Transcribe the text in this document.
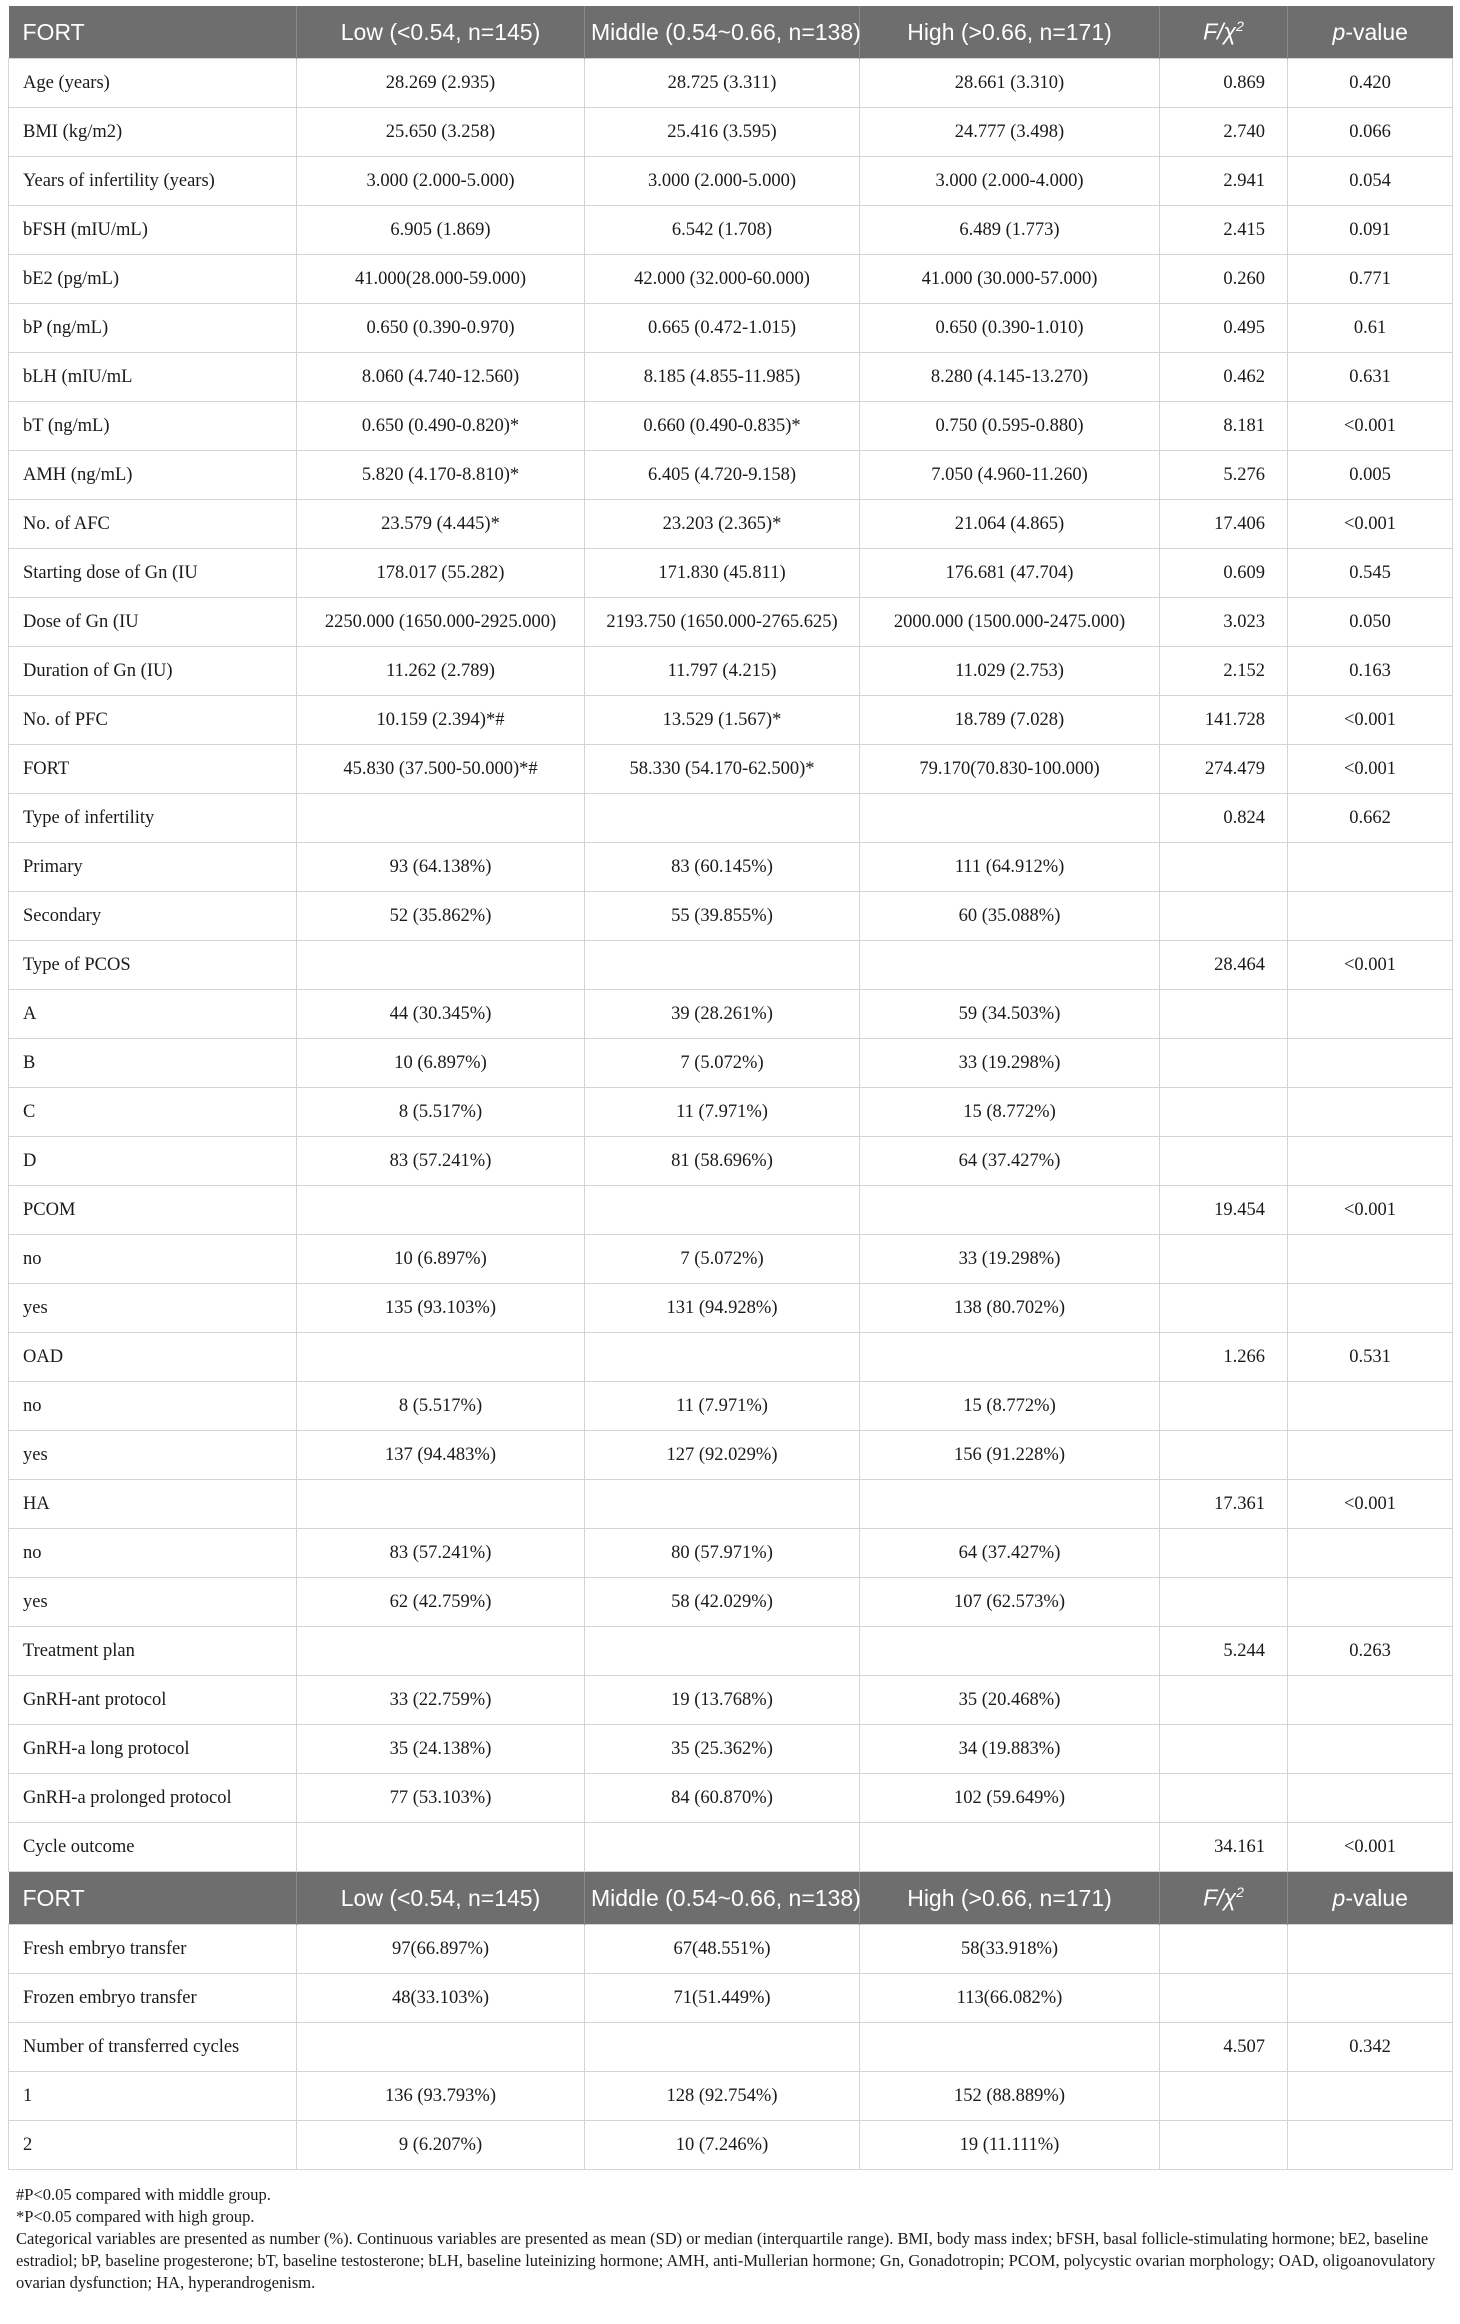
FORT	Low (<0.54, n=145)	Middle (0.54~0.66, n=138)	High (>0.66, n=171)	$F/\chi^2$	p-value
Age (years)	28.269 (2.935)	28.725 (3.311)	28.661 (3.310)	0.869	0.420
BMI (kg/m2)	25.650 (3.258)	25.416 (3.595)	24.777 (3.498)	2.740	0.066
Years of infertility (years)	3.000 (2.000-5.000)	3.000 (2.000-5.000)	3.000 (2.000-4.000)	2.941	0.054
bFSH (mIU/mL)	6.905 (1.869)	6.542 (1.708)	6.489 (1.773)	2.415	0.091
bE2 (pg/mL)	41.000(28.000-59.000)	42.000 (32.000-60.000)	41.000 (30.000-57.000)	0.260	0.771
bP (ng/mL)	0.650 (0.390-0.970)	0.665 (0.472-1.015)	0.650 (0.390-1.010)	0.495	0.61
bLH (mIU/mL	8.060 (4.740-12.560)	8.185 (4.855-11.985)	8.280 (4.145-13.270)	0.462	0.631
bT (ng/mL)	0.650 (0.490-0.820)*	0.660 (0.490-0.835)*	0.750 (0.595-0.880)	8.181	<0.001
AMH (ng/mL)	5.820 (4.170-8.810)*	6.405 (4.720-9.158)	7.050 (4.960-11.260)	5.276	0.005
No. of AFC	23.579 (4.445)*	23.203 (2.365)*	21.064 (4.865)	17.406	<0.001
Starting dose of Gn (IU	178.017 (55.282)	171.830 (45.811)	176.681 (47.704)	0.609	0.545
Dose of Gn (IU	2250.000 (1650.000-2925.000)	2193.750 (1650.000-2765.625)	2000.000 (1500.000-2475.000)	3.023	0.050
Duration of Gn (IU)	11.262 (2.789)	11.797 (4.215)	11.029 (2.753)	2.152	0.163
No. of PFC	10.159 (2.394)*#	13.529 (1.567)*	18.789 (7.028)	141.728	<0.001
FORT	45.830 (37.500-50.000)*#	58.330 (54.170-62.500)*	79.170(70.830-100.000)	274.479	<0.001
Type of infertility				0.824	0.662
Primary	93 (64.138%)	83 (60.145%)	111 (64.912%)		
Secondary	52 (35.862%)	55 (39.855%)	60 (35.088%)		
Type of PCOS				28.464	<0.001
A	44 (30.345%)	39 (28.261%)	59 (34.503%)		
B	10 (6.897%)	7 (5.072%)	33 (19.298%)		
C	8 (5.517%)	11 (7.971%)	15 (8.772%)		
D	83 (57.241%)	81 (58.696%)	64 (37.427%)		
PCOM				19.454	<0.001
no	10 (6.897%)	7 (5.072%)	33 (19.298%)		
yes	135 (93.103%)	131 (94.928%)	138 (80.702%)		
OAD				1.266	0.531
no	8 (5.517%)	11 (7.971%)	15 (8.772%)		
yes	137 (94.483%)	127 (92.029%)	156 (91.228%)		
HA				17.361	<0.001
no	83 (57.241%)	80 (57.971%)	64 (37.427%)		
yes	62 (42.759%)	58 (42.029%)	107 (62.573%)		
Treatment plan				5.244	0.263
GnRH-ant protocol	33 (22.759%)	19 (13.768%)	35 (20.468%)		
GnRH-a long protocol	35 (24.138%)	35 (25.362%)	34 (19.883%)		
GnRH-a prolonged protocol	77 (53.103%)	84 (60.870%)	102 (59.649%)		
Cycle outcome				34.161	<0.001
FORT	Low (<0.54, n=145)	Middle (0.54~0.66, n=138)	High (>0.66, n=171)	$F/\chi^2$	p-value
Fresh embryo transfer	97(66.897%)	67(48.551%)	58(33.918%)		
Frozen embryo transfer	48(33.103%)	71(51.449%)	113(66.082%)		
Number of transferred cycles				4.507	0.342
1	136 (93.793%)	128 (92.754%)	152 (88.889%)		
2	9 (6.207%)	10 (7.246%)	19 (11.111%)		
#P<0.05 compared with middle group.
*P<0.05 compared with high group.
Categorical variables are presented as number (%). Continuous variables are presented as mean (SD) or median (interquartile range). BMI, body mass index; bFSH, basal follicle-stimulating hormone; bE2, baseline estradiol; bP, baseline progesterone; bT, baseline testosterone; bLH, baseline luteinizing hormone; AMH, anti-Mullerian hormone; Gn, Gonadotropin; PCOM, polycystic ovarian morphology; OAD, oligoanovulatory ovarian dysfunction; HA, hyperandrogenism.
